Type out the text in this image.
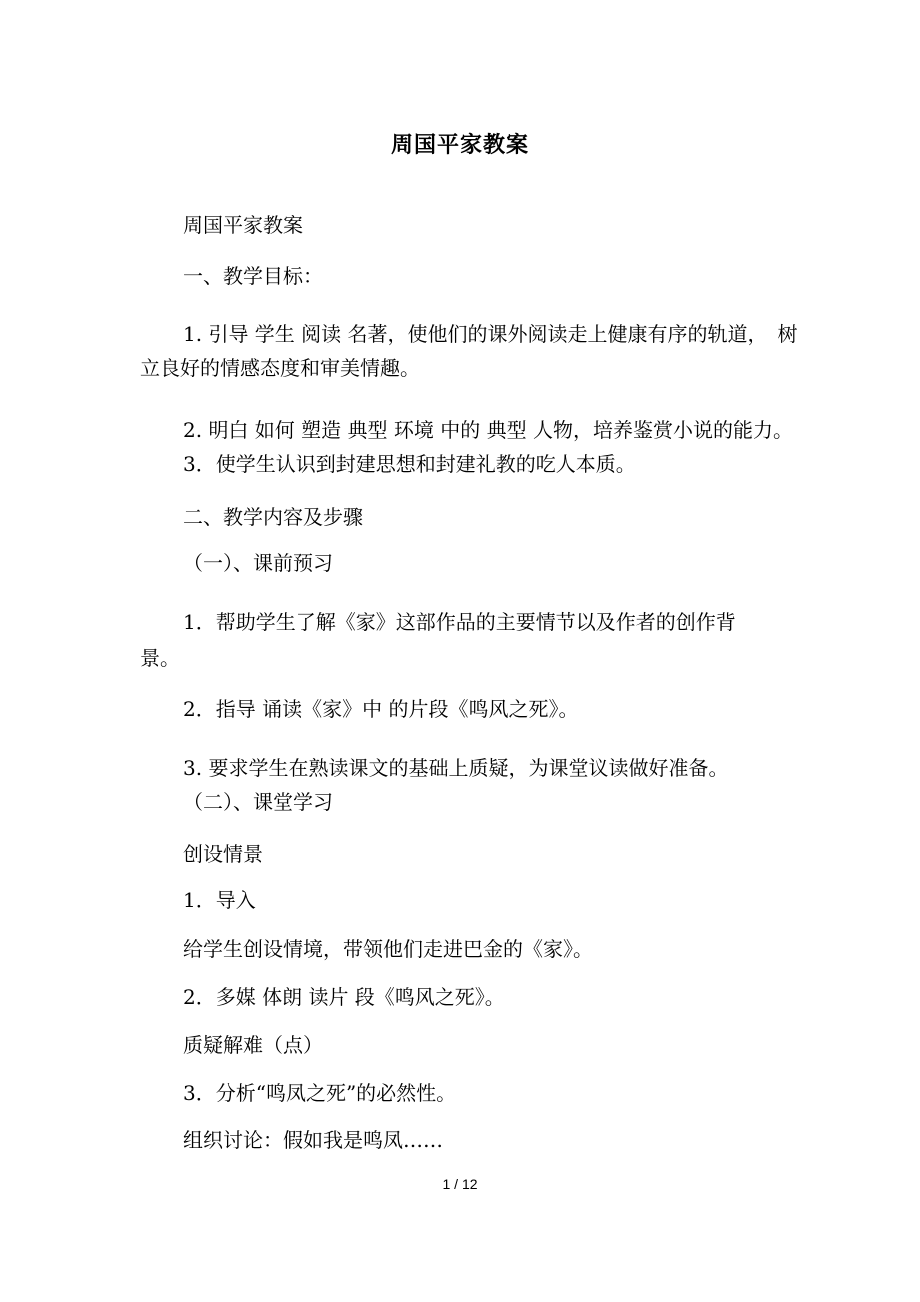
周国平家教案
周国平家教案
一、教学目标：
1. 引导 学生 阅读 名著，使他们的课外阅读走上健康有序的轨道，　树
立良好的情感态度和审美情趣。
2. 明白 如何 塑造 典型 环境 中的 典型 人物，培养鉴赏小说的能力。
3．使学生认识到封建思想和封建礼教的吃人本质。
二、教学内容及步骤
（一）、课前预习
1．帮助学生了解《家》这部作品的主要情节以及作者的创作背
景。
2．指导 诵读《家》中 的片段《鸣风之死》。
3. 要求学生在熟读课文的基础上质疑，为课堂议读做好准备。
（二）、课堂学习
创设情景
1．导入
给学生创设情境，带领他们走进巴金的《家》。
2．多媒 体朗 读片 段《鸣风之死》。
质疑解难（点）
3．分析“鸣凤之死”的必然性。
组织讨论：假如我是鸣凤……
1 / 12
